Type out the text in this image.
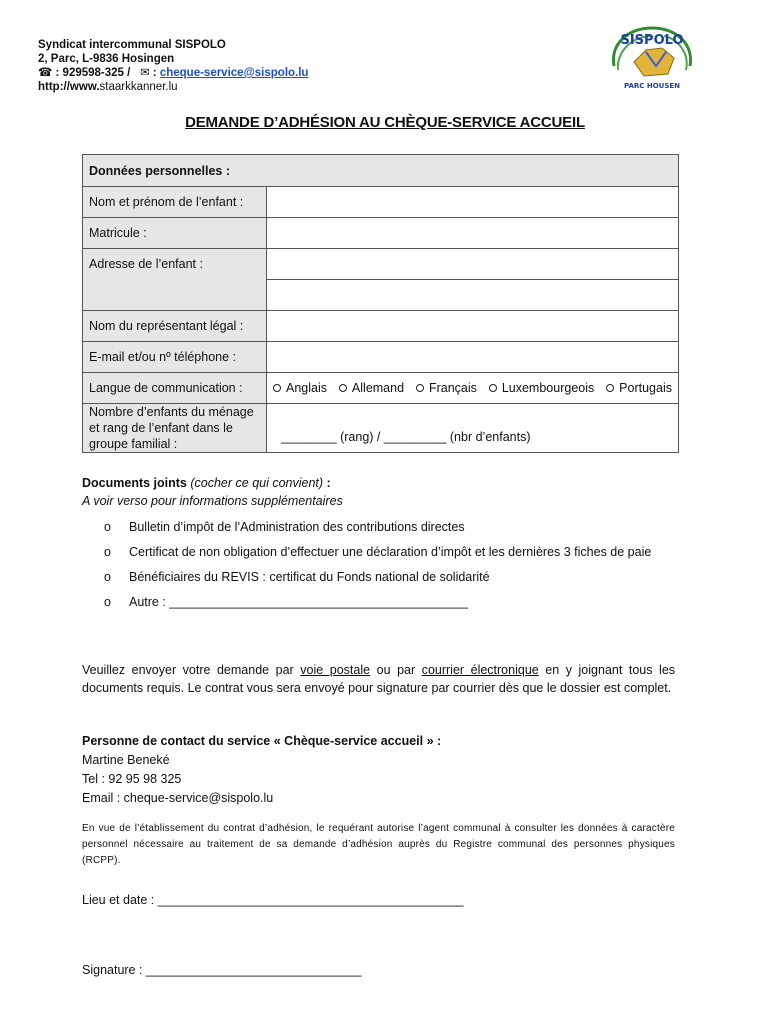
Syndicat intercommunal SISPOLO
2, Parc, L-9836 Hosingen
☎ : 929598-325 / ✉ : cheque-service@sispolo.lu
http://www.staarkkanner.lu
SISPOLO
PARC HOUSEN
DEMANDE D’ADHÉSION AU CHÈQUE-SERVICE ACCUEIL
Données personnelles :	
Nom et prénom de l’enfant :	
Matricule :	
Adresse de l’enfant :	

Nom du représentant légal :	
E-mail et/ou nº téléphone :	
Langue de communication :	Anglais Allemand Français Luxembourgeois Portugais

Nombre d’enfants du ménage et rang de l’enfant dans le groupe familial :	________ (rang) / _________ (nbr d’enfants)
Documents joints (cocher ce qui convient) :
A voir verso pour informations supplémentaires
o	Bulletin d’impôt de l’Administration des contributions directes
o	Certificat de non obligation d’effectuer une déclaration d’impôt et les dernières 3 fiches de paie
o	Bénéficiaires du REVIS : certificat du Fonds national de solidarité
o	Autre : ___________________________________________
Veuillez envoyer votre demande par voie postale ou par courrier électronique en y joignant tous les documents requis. Le contrat vous sera envoyé pour signature par courrier dès que le dossier est complet.
Personne de contact du service « Chèque-service accueil » :
Martine Beneké
Tel : 92 95 98 325
Email : cheque-service@sispolo.lu
En vue de l’établissement du contrat d’adhésion, le requérant autorise l’agent communal à consulter les données à caractère personnel nécessaire au traitement de sa demande d’adhésion auprès du Registre communal des personnes physiques (RCPP).
Lieu et date : ____________________________________________
Signature : _______________________________
